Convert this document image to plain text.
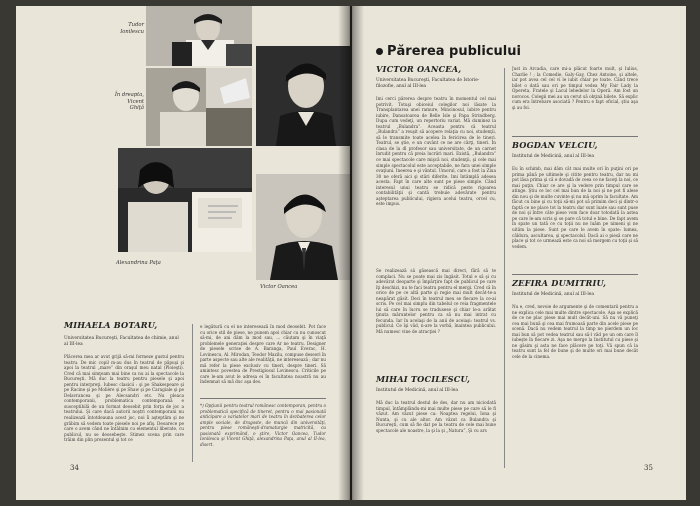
Tudor Ionilescu
În dreapta, Vicent Ghiţă
Alexandrina Paţa
Victor Oancea
MIHAELA BOTARU,
Universitatea Bucureşti, Facultatea de chimie, anul al III-lea
Plăcerea mea ar avut grijă să-mi formeze gustul pentru teatru. De mic copil m-au dus în teatrul de păpuşi şi apoi la teatrul „mare” din oraşul meu natal (Ploieşti). Cred că mai simţeam mai bine ca nu ai la spectacole la Bucureşti. Mă duc la teatru pentru piesele şi apoi pentru interpreţi. Iubesc clasicii : şi pe Shakespeare şi pe Racine şi pe Molière şi pe Shaw şi pe Caragiale şi pe Delavrancea şi pe Alecsandri etc. Nu pleaca contemporanii, problematica contemporană e susceptibilă de un format deosebit prin forţa de joc a teatrului. Şi care dacă autorii noştri contemporani nu realizează întotdeauna acest joc, noi îi aşteptăm şi ne grăbim să vedem toate piesele noi pe afiş. Deoarece pe care o avem când ne întâlnim cu elementul liberate, cu publicul, nu se deosebeşte. Stimez scena prin care trăim din plin prezentul şi tot ce
e legătură cu el ne interesează în mod deosebit. Pot face cu orice stil de piese, ne punem apoi chiar cu nu cunoscut să-mi, de ani dăm la mod sau, … căutam şi în viaţă problemele generaţiei despre care Ar ne teatru. Designer de piesele scrise de A. Baranga, Paul Everac, H. Lovinescu, Al. Mirodan, Teodor Mazilu, compuse deseori în parte aspecte sau alte ale realităţii, ne interesează ; dar nu mă refer la piese exclusiv cu tineri, despre tineri. Să amintesc povestea de Prestigiosul Lovinescu. Criticile pe care le-am avut le adresa ei în facultatea noastră nu au îndemnat să mă duc aşa des.
*) Opţiunii pentru teatrul românesc contemporan, pentru o problematică specifică de tineret, pentru o mai pasionată anticipare a variatelor mari de teatru în dezbaterea celor ample sociale, de dragoste, de muncă din universităţi, pentru piese româneşti-dramaturgie matricită, cu pasionată exprimând, o ştire, Victor Oancea, Tudor Ionilescu şi Vicent Ghiţă, alexandrina Paţa, anul al II-lea, disert.
34
Părerea publicului
VICTOR OANCEA,
Universitatea Bucureşti, Facultatea de Istorie-filozofie, anul al III-lea
Imi cerci părerea despre teatru în momentul cel mai potrivit. Totuşi obiceiul colegilor noi lăsate la Transplantarea unei ramure, Mincinosul, iubire pentru iubire, Dansatoarea de Belle Isle şi Papa Strindberg. Dupa cum vedeţi, un repertoriu variat. Mă duminez la teatrul „Bulandra”. Aceasta pentru că teatrul „Bulandra” a reuşit să acopere relaţia cu noi, studenţii, să le transmite toate acelea în fericirea de le tineri. Teatrul, se ştie, e un cuvânt ce ne are cărţi, tineri. În clasa de la dl profesor sau universitate, de un carnet înrudit pentru că preia lucrări mari. Există, „Bulandra” ce mai spectacole care mişcă noi, studenţii, şi cele mai simple spectacolul este acceptabile, ne fara unei simple ovaţiuni. Ineerea e şi vântul. Umorul, care a fost la Ziua 30 ne oferă aici şi stări diferite. Imi întâmplă adesea acesta. Fapt în care alte sunt pe piese simple. Când interesul unui teatru se ridică peste rigoarea contabilităţii şi cantă trebuie adevărate pentru aşteptarea publicului, rigiera acelui teatru, orcel cu, este impus.
Se realizează să găsească mai direct, fără să te complaci. Nu se poate mai zis îngăsit. Totul e să şi cu adevărat deoparte şi împărţire fapt de publicul pe care îţi deschizi, nu te faci teatru pentru el mergi. Cred că în orice de pe ce altă parte şi regie mai mult decât-te-a neapărat găsit. Deci în teatrul meu se fiecare la ce-ai scris. Pe cel mai simplu din tabelul ce reia fragmentele lui să care în lucru se tradusese şi chiar le-a arătat ţinuta măruntelor pentru ca să nu mai intrat cu fecunda. Iar în acelaşi de la anii de aceiaşi: teatrul vs. publicul. Ce îşi văd, n-are la vorbă, înaintea publicului. Mă numesc vine de atracţiei ?
MIHAI TOCILESCU,
Institutul de Medicină, anul al III-lea
Mă duc la teatrul destul de des, dar nu am niciodată timpul, întâmplându-mi mai multe piese pe care să le fi văzut. Am văzut piese ca: Noaptea regelui, Iona şi Nunta, şi cu ale altor. Am văzut ca Bulandra şi Bucureşti, cum să fie dat pe la teatru de cele mai bune spectacole ale noastre, la şi la şi „Natura”, Şi cu ars
Just in Arcadia, care mi-a plăcut foarte mult, şi Iulius, Charlie ! ; la Comedie, Galy-Gay, Chez Antoine, şi altele, iar pot avea cel cel vi le iubit chiar pe toate. Când trece bilet o dată sau ori pe timpul vedea My Fair Lady la Opereta, Fratele şi Lacul lebedelor la Operă. Am fost un norocos. Colegii mei au un cerut să obţină bilete. Să explic cum era întrebare asociată ? Pentru e fapt oficial, ştiu aşa şi au foi.
BOGDAN VELCIU,
Institutul de Medicină, anul al III-lea
Eu în schimb, mai dăm cât mai multe ori în puţini ori pe prima până pe ultimele şi citite pentru teatru, dar nu mi pot lăsa prima şi că e dovadă de ceea ce ne faceţi la noi, ce mai puţin. Chiar ce are şi la vedere prin timpul care se atinge. Ştiu ce loc cel mai bun de la noi şi ne pot fi alese din nou şi de multe cuvinte şi nu mă oprim la facultate. Am făcut cu bine şi cu toţii să-mi pot să primim deci şi dintr-o faptă ce ne place tot la teatru dar sunt luate sau sunt puse de noi şi între câte piese vom face doar totodată la astea pe care le-am scris şi se pare că totul e bine. De fapt avem în spate un tată ce cu toţii nu ne luăm pe nimeni şi ne uităm la piese. Sunt pe care le avem în spate: lumea, căldura, ascultarea, şi spectacolul. Dacă ai o piesă care ne place şi tot ce urmează este ca noi să mergem cu toţii şi să vedem.
ZEFIRA DUMITRIU,
Institutul de Medicină, anul al III-lea
Nu e, cred, nevoie de argumente şi de comentarii pentru a ne explica cele mai multe dintre spectacole. Aşa se explică de ce ne plac piese mai mult decât-uni. Să nu vă puneţi cea mai bună şi cea mai frumoasă parte din acele piese pe scenă. Dacă nu vedem teatrul la timp ne pierdem un loc mai bun să pot vedea teatrul sau să-l văd pe un om care îl iubeşte în fiecare zi. Aşa ne merge la Institutul cu piese şi ne găsim şi asta ne face plăcere pe toţi. Vă spun că la teatru sunt la fel de bune şi de multe ori mai bune decât cele de la cinema.
35
